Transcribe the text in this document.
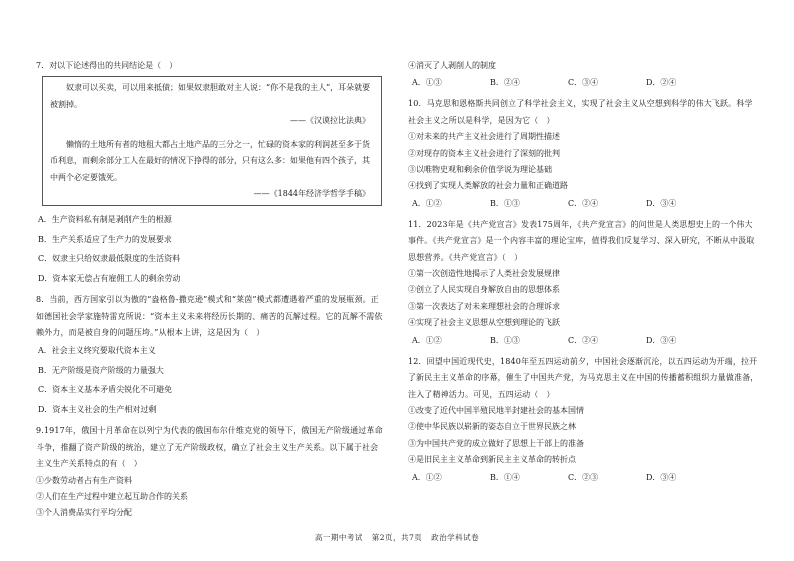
7．对以下论述得出的共同结论是（　）

奴隶可以买卖，可以用来抵债；如果奴隶胆敢对主人说：“你不是我的主人”，耳朵就要被割掉。

——《汉谟拉比法典》

懒惰的土地所有者的地租大都占土地产品的三分之一，忙碌的资本家的利润甚至多于货币利息，而剩余部分工人在最好的情况下挣得的部分，只有这么多：如果他有四个孩子，其中两个必定要饿死。

——《1844年经济学哲学手稿》

A．生产资料私有制是剥削产生的根源

B．生产关系适应了生产力的发展要求

C．奴隶主只给奴隶最低限度的生活资料

D．资本家无偿占有雇佣工人的剩余劳动

8．当前，西方国家引以为傲的“盎格鲁-撒克逊”模式和“莱茵”模式都遭遇着严重的发展瓶颈。正如德国社会学家施特雷克所说：“资本主义未来将经历长期的、痛苦的瓦解过程。它的瓦解不需依赖外力，而是被自身的问题压垮。”从根本上讲，这是因为（　）

A．社会主义终究要取代资本主义

B．无产阶级是资产阶级的力量强大

C．资本主义基本矛盾尖锐化不可避免

D．资本主义社会的生产相对过剩

9.1917年，俄国十月革命在以列宁为代表的俄国布尔什维克党的领导下，俄国无产阶级通过革命斗争，推翻了资产阶级的统治，建立了无产阶级政权，确立了社会主义生产关系。以下属于社会主义生产关系特点的有（　）

①少数劳动者占有生产资料

②人们在生产过程中建立起互助合作的关系

③个人消费品实行平均分配

④消灭了人剥削人的制度

A．①③	B．②④	C．③④	D．②④

10．马克思和恩格斯共同创立了科学社会主义，实现了社会主义从空想到科学的伟大飞跃。科学社会主义之所以是科学，是因为它（　）

①对未来的共产主义社会进行了周期性描述

②对现存的资本主义社会进行了深刻的批判

③以唯物史观和剩余价值学说为理论基础

④找到了实现人类解放的社会力量和正确道路

A．①②	B．①③	C．②④	D．③④

11．2023年是《共产党宣言》发表175周年，《共产党宣言》的问世是人类思想史上的一个伟大事件。《共产党宣言》是一个内容丰富的理论宝库，值得我们反复学习、深入研究，不断从中汲取思想营养。《共产党宣言》（　）

①第一次创造性地揭示了人类社会发展规律

②创立了人民实现自身解放自由的思想体系

③第一次表达了对未来理想社会的合理诉求

④实现了社会主义思想从空想到理论的飞跃

A．①②	B．①③	C．②④	D．③④

12．回望中国近现代史，1840年至五四运动前夕，中国社会逐渐沉沦，以五四运动为开端，拉开了新民主主义革命的序幕，催生了中国共产党，为马克思主义在中国的传播蓄积组织力量做准备，注入了精神活力。可见，五四运动（　）

①改变了近代中国半殖民地半封建社会的基本国情

②使中华民族以崭新的姿态自立于世界民族之林

③为中国共产党的成立做好了思想上干部上的准备

④是旧民主主义革命到新民主主义革命的转折点

A．①②	B．①④	C．②③	D．③④
高一期中考试 第2页，共7页 政治学科试卷
